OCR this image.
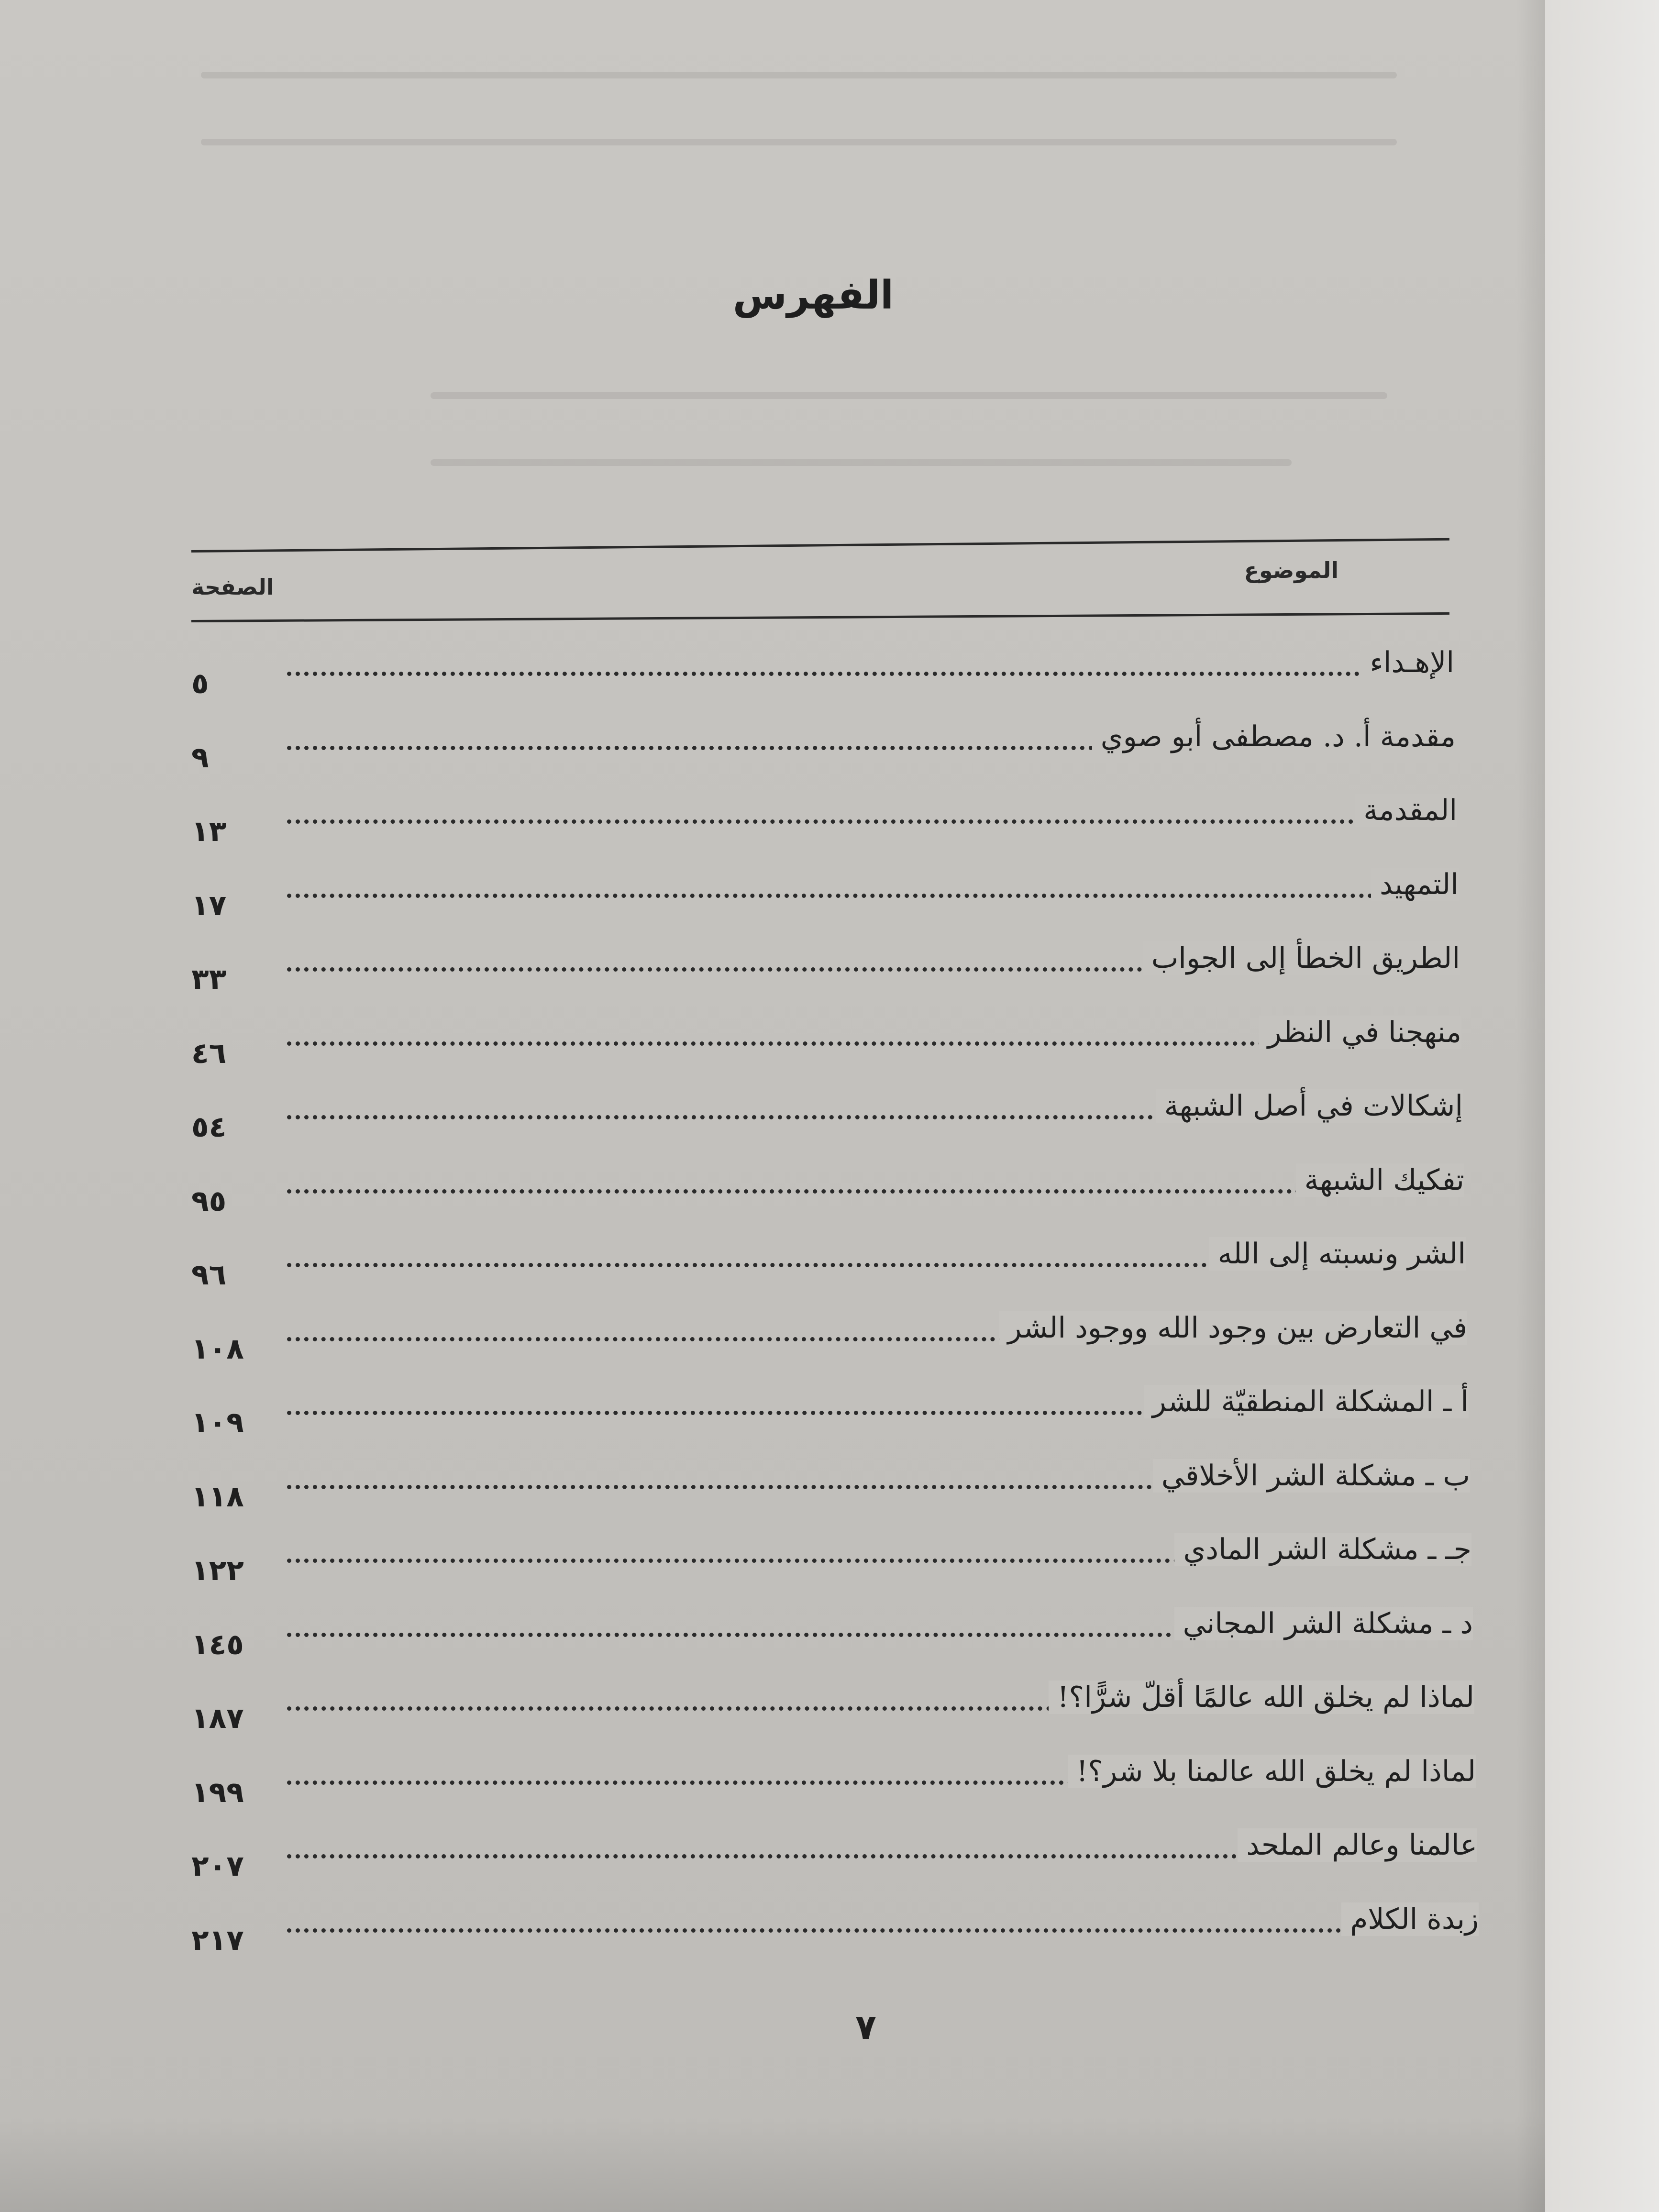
الفهرس
الموضوع
الصفحة
الإهـداء
٥
مقدمة أ. د. مصطفى أبو صوي
٩
المقدمة
١٣
التمهيد
١٧
الطريق الخطأ إلى الجواب
٣٣
منهجنا في النظر
٤٦
إشكالات في أصل الشبهة
٥٤
تفكيك الشبهة
٩٥
الشر ونسبته إلى الله
٩٦
في التعارض بين وجود الله ووجود الشر
١٠٨
أ ـ المشكلة المنطقيّة للشر
١٠٩
ب ـ مشكلة الشر الأخلاقي
١١٨
جـ ـ مشكلة الشر المادي
١٢٢
د ـ مشكلة الشر المجاني
١٤٥
لماذا لم يخلق الله عالمًا أقلّ شرًّا؟!
١٨٧
لماذا لم يخلق الله عالمنا بلا شر؟!
١٩٩
عالمنا وعالم الملحد
٢٠٧
زبدة الكلام
٢١٧
٧
